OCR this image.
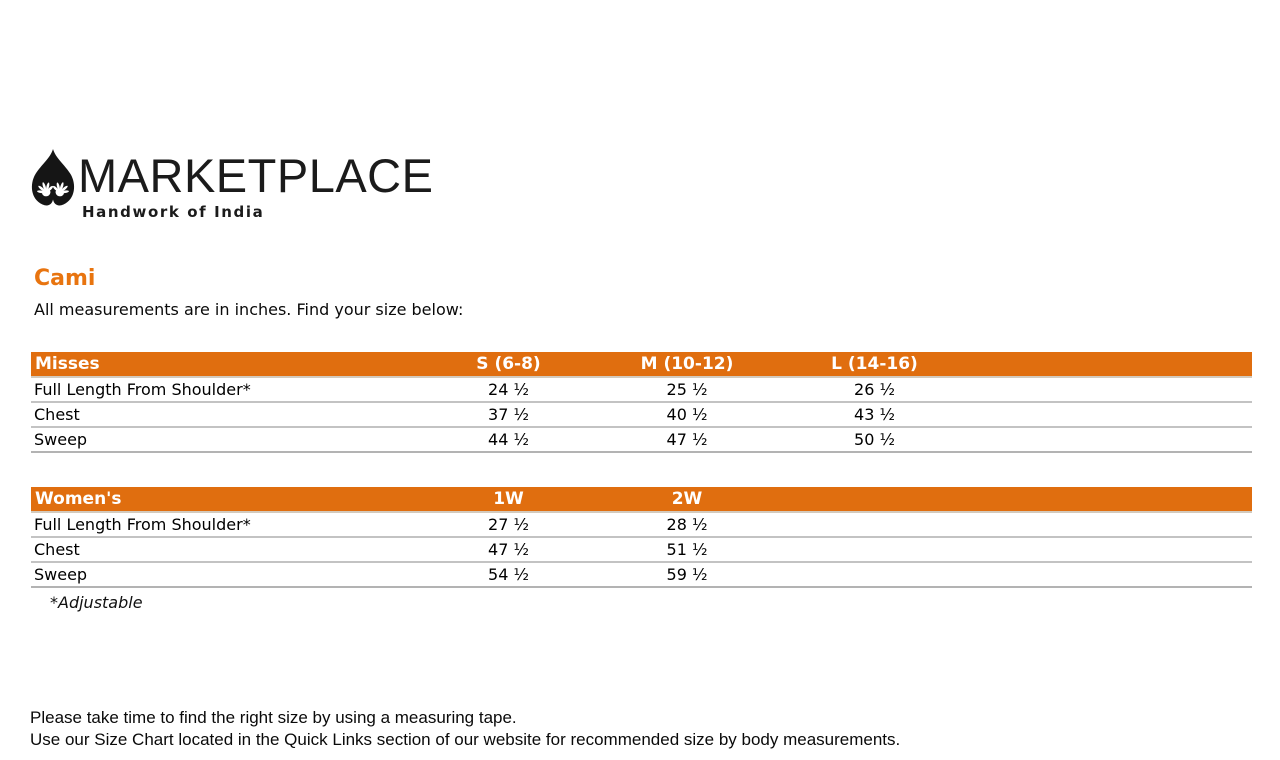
MARKETPLACE
Handwork of India
Cami
All measurements are in inches. Find your size below:
Misses	S (6-8)	M (10-12)	L (14-16)	
Full Length From Shoulder*	24 ½	25 ½	26 ½	
Chest	37 ½	40 ½	43 ½	
Sweep	44 ½	47 ½	50 ½	
Women's	1W	2W	
Full Length From Shoulder*	27 ½	28 ½	
Chest	47 ½	51 ½	
Sweep	54 ½	59 ½	
*Adjustable
Please take time to find the right size by using a measuring tape.
Use our Size Chart located in the Quick Links section of our website for recommended size by body measurements.
